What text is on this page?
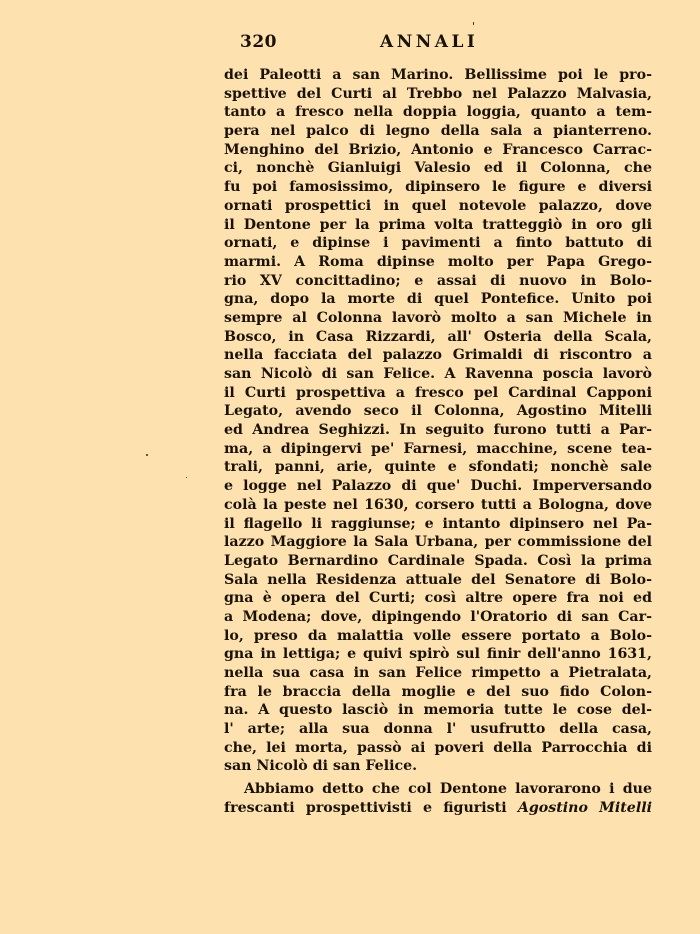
320	ANNALI
dei Paleotti a san Marino. Bellissime poi le pro-
spettive del Curti al Trebbo nel Palazzo Malvasia,
tanto a fresco nella doppia loggia, quanto a tem-
pera nel palco di legno della sala a pianterreno.
Menghino del Brizio, Antonio e Francesco Carrac-
ci, nonchè Gianluigi Valesio ed il Colonna, che
fu poi famosissimo, dipinsero le figure e diversi
ornati prospettici in quel notevole palazzo, dove
il Dentone per la prima volta tratteggiò in oro gli
ornati, e dipinse i pavimenti a finto battuto di
marmi. A Roma dipinse molto per Papa Grego-
rio XV concittadino; e assai di nuovo in Bolo-
gna, dopo la morte di quel Pontefice. Unito poi
sempre al Colonna lavorò molto a san Michele in
Bosco, in Casa Rizzardi, all' Osteria della Scala,
nella facciata del palazzo Grimaldi di riscontro a
san Nicolò di san Felice. A Ravenna poscia lavorò
il Curti prospettiva a fresco pel Cardinal Capponi
Legato, avendo seco il Colonna, Agostino Mitelli
ed Andrea Seghizzi. In seguito furono tutti a Par-
ma, a dipingervi pe' Farnesi, macchine, scene tea-
trali, panni, arie, quinte e sfondati; nonchè sale
e logge nel Palazzo di que' Duchi. Imperversando
colà la peste nel 1630, corsero tutti a Bologna, dove
il flagello li raggiunse; e intanto dipinsero nel Pa-
lazzo Maggiore la Sala Urbana, per commissione del
Legato Bernardino Cardinale Spada. Così la prima
Sala nella Residenza attuale del Senatore di Bolo-
gna è opera del Curti; così altre opere fra noi ed
a Modena; dove, dipingendo l'Oratorio di san Car-
lo, preso da malattia volle essere portato a Bolo-
gna in lettiga; e quivi spirò sul finir dell'anno 1631,
nella sua casa in san Felice rimpetto a Pietralata,
fra le braccia della moglie e del suo fido Colon-
na. A questo lasciò in memoria tutte le cose del-
l' arte; alla sua donna l' usufrutto della casa,
che, lei morta, passò ai poveri della Parrocchia di
san Nicolò di san Felice.
Abbiamo detto che col Dentone lavorarono i due
frescanti prospettivisti e figuristi Agostino Mitelli
